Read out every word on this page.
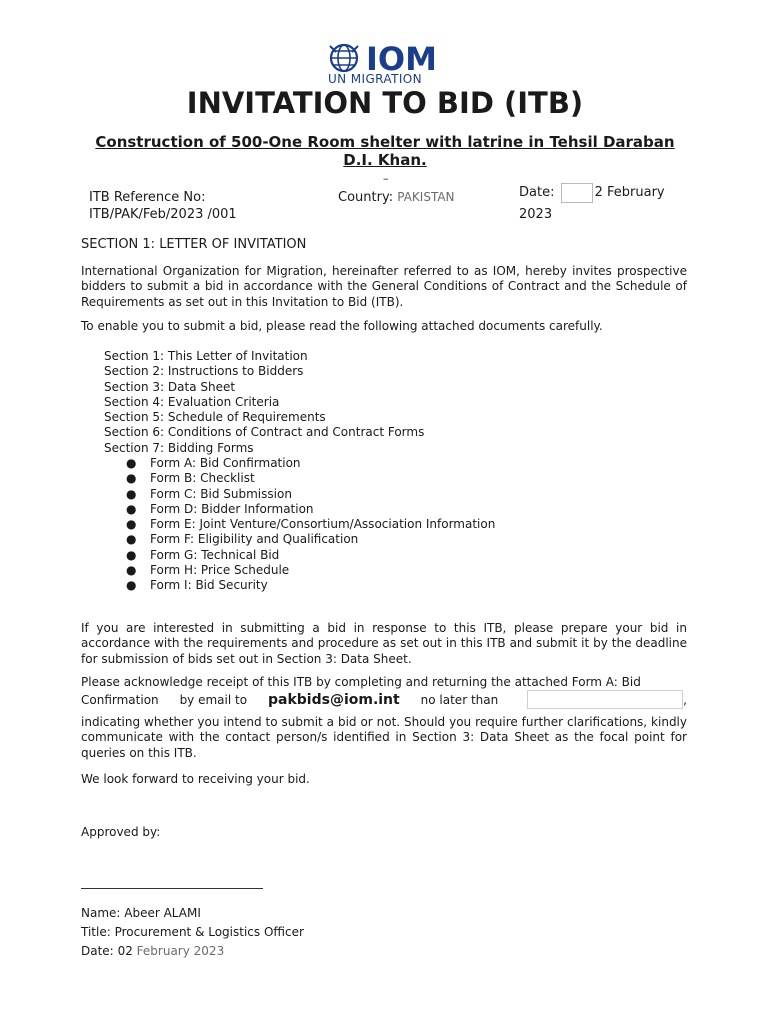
IOM
UN MIGRATION
INVITATION TO BID (ITB)
Construction of 500-One Room shelter with latrine in Tehsil Daraban D.I. Khan.
–
ITB Reference No:
ITB/PAK/Feb/2023 /001
Country: PAKISTAN	Date:	2 February
2023
SECTION 1: LETTER OF INVITATION
International Organization for Migration, hereinafter referred to as IOM, hereby invites prospective bidders to submit a bid in accordance with the General Conditions of Contract and the Schedule of Requirements as set out in this Invitation to Bid (ITB).
To enable you to submit a bid, please read the following attached documents carefully.
Section 1: This Letter of Invitation
Section 2: Instructions to Bidders
Section 3: Data Sheet
Section 4: Evaluation Criteria
Section 5: Schedule of Requirements
Section 6: Conditions of Contract and Contract Forms
Section 7: Bidding Forms
● Form A: Bid Confirmation
● Form B: Checklist
● Form C: Bid Submission
● Form D: Bidder Information
● Form E: Joint Venture/Consortium/Association Information
● Form F: Eligibility and Qualification
● Form G: Technical Bid
● Form H: Price Schedule
● Form I: Bid Security
If you are interested in submitting a bid in response to this ITB, please prepare your bid in accordance with the requirements and procedure as set out in this ITB and submit it by the deadline for submission of bids set out in Section 3: Data Sheet.
Please acknowledge receipt of this ITB by completing and returning the attached Form A: Bid
Confirmation by email to pakbids@iom.int no later than	,
indicating whether you intend to submit a bid or not. Should you require further clarifications, kindly communicate with the contact person/s identified in Section 3: Data Sheet as the focal point for queries on this ITB.
We look forward to receiving your bid.
Approved by:
Name: Abeer ALAMI
Title: Procurement & Logistics Officer
Date: 02 February 2023
